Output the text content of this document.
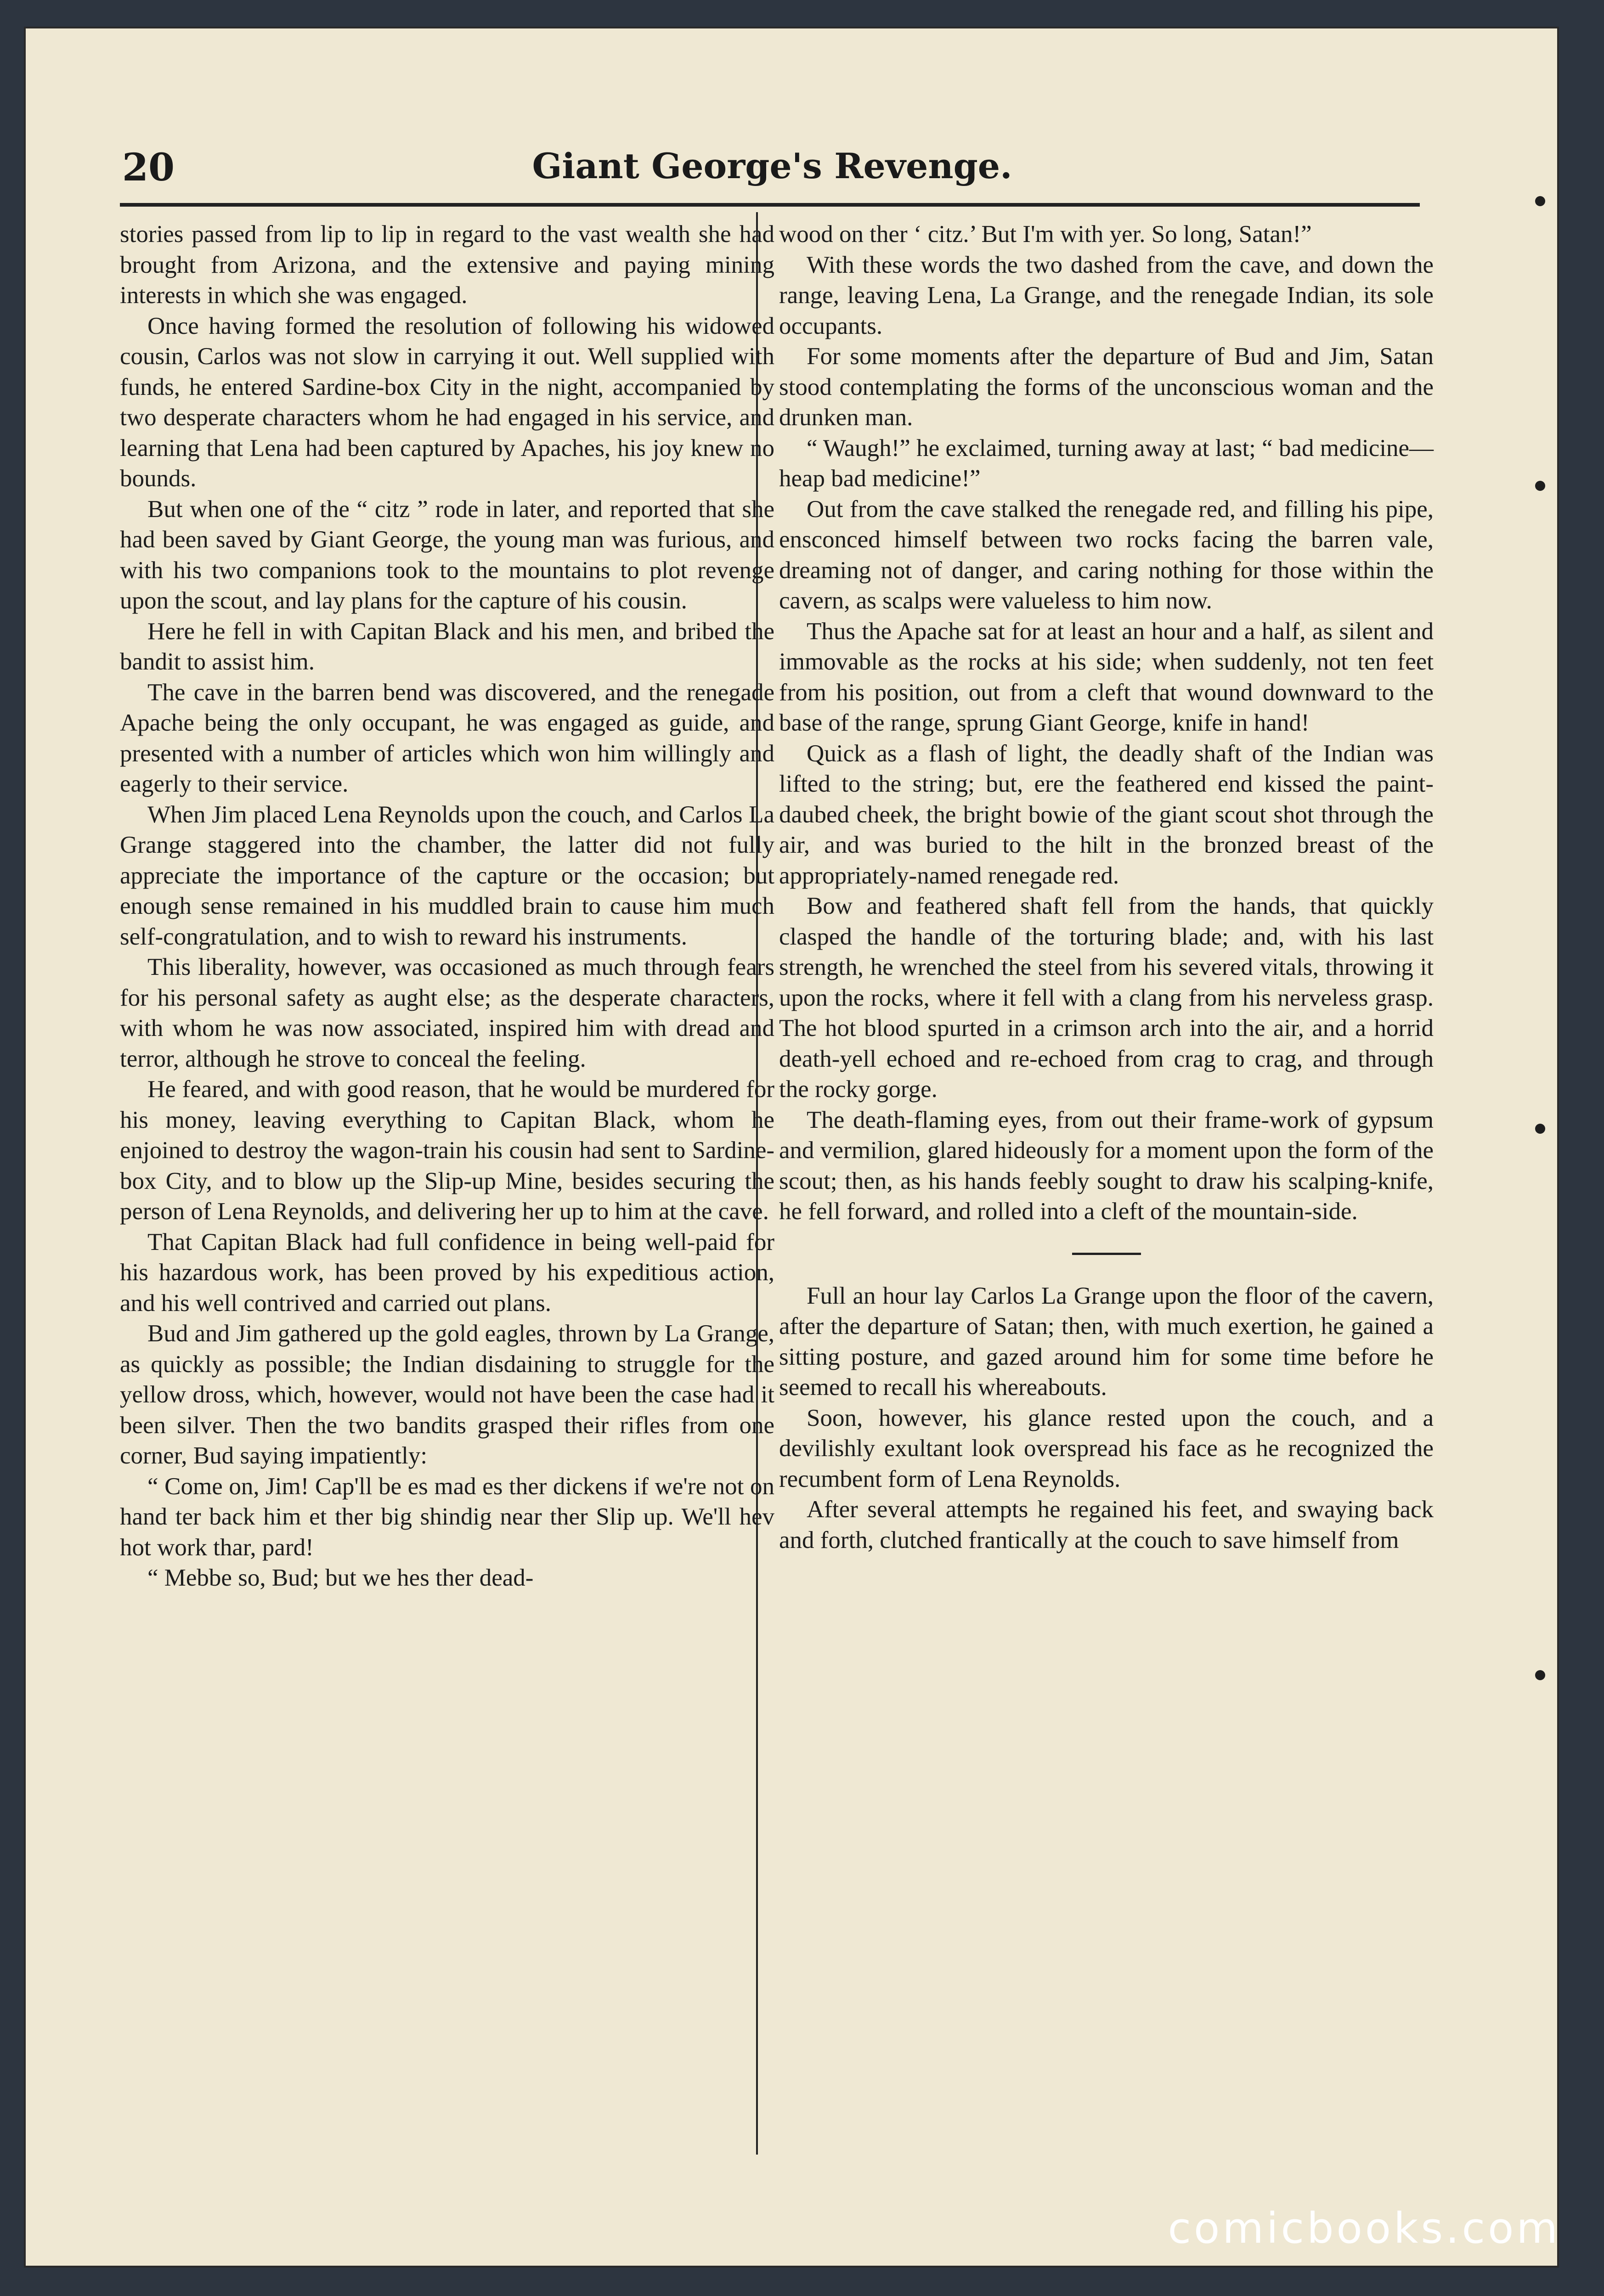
20	Giant George's Revenge.

stories passed from lip to lip in regard to the vast wealth she had brought from Arizona, and the extensive and paying mining interests in which she was engaged.

Once having formed the resolution of following his widowed cousin, Carlos was not slow in carrying it out. Well supplied with funds, he entered Sardine-box City in the night, accompanied by two desperate characters whom he had engaged in his service, and learning that Lena had been captured by Apaches, his joy knew no bounds.

But when one of the “ citz ” rode in later, and reported that she had been saved by Giant George, the young man was furious, and with his two companions took to the mountains to plot revenge upon the scout, and lay plans for the capture of his cousin.

Here he fell in with Capitan Black and his men, and bribed the bandit to assist him.

The cave in the barren bend was discovered, and the renegade Apache being the only occupant, he was engaged as guide, and presented with a number of articles which won him willingly and eagerly to their service.

When Jim placed Lena Reynolds upon the couch, and Carlos La Grange staggered into the chamber, the latter did not fully appreciate the importance of the capture or the occasion; but enough sense remained in his muddled brain to cause him much self-congratulation, and to wish to reward his instruments.

This liberality, however, was occasioned as much through fears for his personal safety as aught else; as the desperate characters, with whom he was now associated, inspired him with dread and terror, although he strove to conceal the feeling.

He feared, and with good reason, that he would be murdered for his money, leaving everything to Capitan Black, whom he enjoined to destroy the wagon-train his cousin had sent to Sardine-box City, and to blow up the Slip-up Mine, besides securing the person of Lena Reynolds, and delivering her up to him at the cave.

That Capitan Black had full confidence in being well-paid for his hazardous work, has been proved by his expeditious action, and his well contrived and carried out plans.

Bud and Jim gathered up the gold eagles, thrown by La Grange, as quickly as possible; the Indian disdaining to struggle for the yellow dross, which, however, would not have been the case had it been silver. Then the two bandits grasped their rifles from one corner, Bud saying impatiently:

“ Come on, Jim! Cap'll be es mad es ther dickens if we're not on hand ter back him et ther big shindig near ther Slip up. We'll hev hot work thar, pard!

“ Mebbe so, Bud; but we hes ther dead-

wood on ther ‘ citz.’ But I'm with yer. So long, Satan!”

With these words the two dashed from the cave, and down the range, leaving Lena, La Grange, and the renegade Indian, its sole occupants.

For some moments after the departure of Bud and Jim, Satan stood contemplating the forms of the unconscious woman and the drunken man.

“ Waugh!” he exclaimed, turning away at last; “ bad medicine—heap bad medicine!”

Out from the cave stalked the renegade red, and filling his pipe, ensconced himself between two rocks facing the barren vale, dreaming not of danger, and caring nothing for those within the cavern, as scalps were valueless to him now.

Thus the Apache sat for at least an hour and a half, as silent and immovable as the rocks at his side; when suddenly, not ten feet from his position, out from a cleft that wound downward to the base of the range, sprung Giant George, knife in hand!

Quick as a flash of light, the deadly shaft of the Indian was lifted to the string; but, ere the feathered end kissed the paint-daubed cheek, the bright bowie of the giant scout shot through the air, and was buried to the hilt in the bronzed breast of the appropriately-named renegade red.

Bow and feathered shaft fell from the hands, that quickly clasped the handle of the torturing blade; and, with his last strength, he wrenched the steel from his severed vitals, throwing it upon the rocks, where it fell with a clang from his nerveless grasp. The hot blood spurted in a crimson arch into the air, and a horrid death-yell echoed and re-echoed from crag to crag, and through the rocky gorge.

The death-flaming eyes, from out their frame-work of gypsum and vermilion, glared hideously for a moment upon the form of the scout; then, as his hands feebly sought to draw his scalping-knife, he fell forward, and rolled into a cleft of the mountain-side.

Full an hour lay Carlos La Grange upon the floor of the cavern, after the departure of Satan; then, with much exertion, he gained a sitting posture, and gazed around him for some time before he seemed to recall his whereabouts.

Soon, however, his glance rested upon the couch, and a devilishly exultant look overspread his face as he recognized the recumbent form of Lena Reynolds.

After several attempts he regained his feet, and swaying back and forth, clutched frantically at the couch to save himself from

comicbooks.com
